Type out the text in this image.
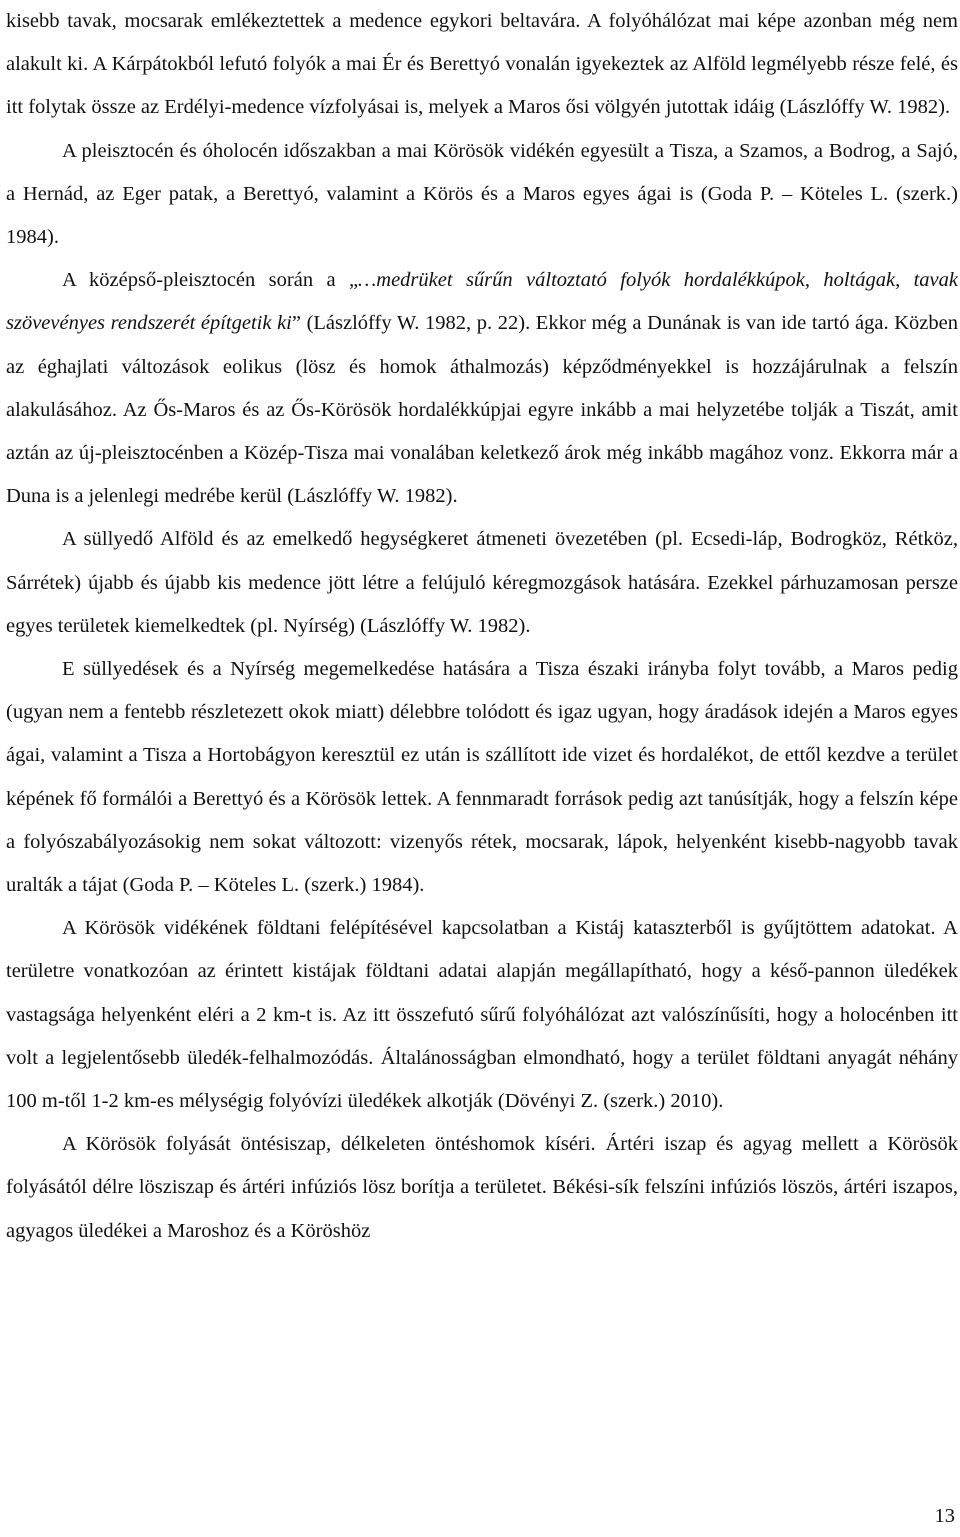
kisebb tavak, mocsarak emlékeztettek a medence egykori beltavára. A folyóhálózat mai képe azonban még nem alakult ki. A Kárpátokból lefutó folyók a mai Ér és Berettyó vonalán igyekeztek az Alföld legmélyebb része felé, és itt folytak össze az Erdélyi-medence vízfolyásai is, melyek a Maros ősi völgyén jutottak idáig (Lászlóffy W. 1982).

A pleisztocén és óholocén időszakban a mai Körösök vidékén egyesült a Tisza, a Szamos, a Bodrog, a Sajó, a Hernád, az Eger patak, a Berettyó, valamint a Körös és a Maros egyes ágai is (Goda P. – Köteles L. (szerk.) 1984).

A középső-pleisztocén során a „…medrüket sűrűn változtató folyók hordalékkúpok, holtágak, tavak szövevényes rendszerét építgetik ki” (Lászlóffy W. 1982, p. 22). Ekkor még a Dunának is van ide tartó ága. Közben az éghajlati változások eolikus (lösz és homok áthalmozás) képződményekkel is hozzájárulnak a felszín alakulásához. Az Ős-Maros és az Ős-Körösök hordalékkúpjai egyre inkább a mai helyzetébe tolják a Tiszát, amit aztán az új-pleisztocénben a Közép-Tisza mai vonalában keletkező árok még inkább magához vonz. Ekkorra már a Duna is a jelenlegi medrébe kerül (Lászlóffy W. 1982).

A süllyedő Alföld és az emelkedő hegységkeret átmeneti övezetében (pl. Ecsedi-láp, Bodrogköz, Rétköz, Sárrétek) újabb és újabb kis medence jött létre a felújuló kéregmozgások hatására. Ezekkel párhuzamosan persze egyes területek kiemelkedtek (pl. Nyírség) (Lászlóffy W. 1982).

E süllyedések és a Nyírség megemelkedése hatására a Tisza északi irányba folyt tovább, a Maros pedig (ugyan nem a fentebb részletezett okok miatt) délebbre tolódott és igaz ugyan, hogy áradások idején a Maros egyes ágai, valamint a Tisza a Hortobágyon keresztül ez után is szállított ide vizet és hordalékot, de ettől kezdve a terület képének fő formálói a Berettyó és a Körösök lettek. A fennmaradt források pedig azt tanúsítják, hogy a felszín képe a folyószabályozásokig nem sokat változott: vizenyős rétek, mocsarak, lápok, helyenként kisebb-nagyobb tavak uralták a tájat (Goda P. – Köteles L. (szerk.) 1984).

A Körösök vidékének földtani felépítésével kapcsolatban a Kistáj kataszterből is gyűjtöttem adatokat. A területre vonatkozóan az érintett kistájak földtani adatai alapján megállapítható, hogy a késő-pannon üledékek vastagsága helyenként eléri a 2 km-t is. Az itt összefutó sűrű folyóhálózat azt valószínűsíti, hogy a holocénben itt volt a legjelentősebb üledék-felhalmozódás. Általánosságban elmondható, hogy a terület földtani anyagát néhány 100 m-től 1-2 km-es mélységig folyóvízi üledékek alkotják (Dövényi Z. (szerk.) 2010).

A Körösök folyását öntésiszap, délkeleten öntéshomok kíséri. Ártéri iszap és agyag mellett a Körösök folyásától délre lösziszap és ártéri infúziós lösz borítja a területet. Békési-sík felszíni infúziós löszös, ártéri iszapos, agyagos üledékei a Maroshoz és a Köröshöz

13
